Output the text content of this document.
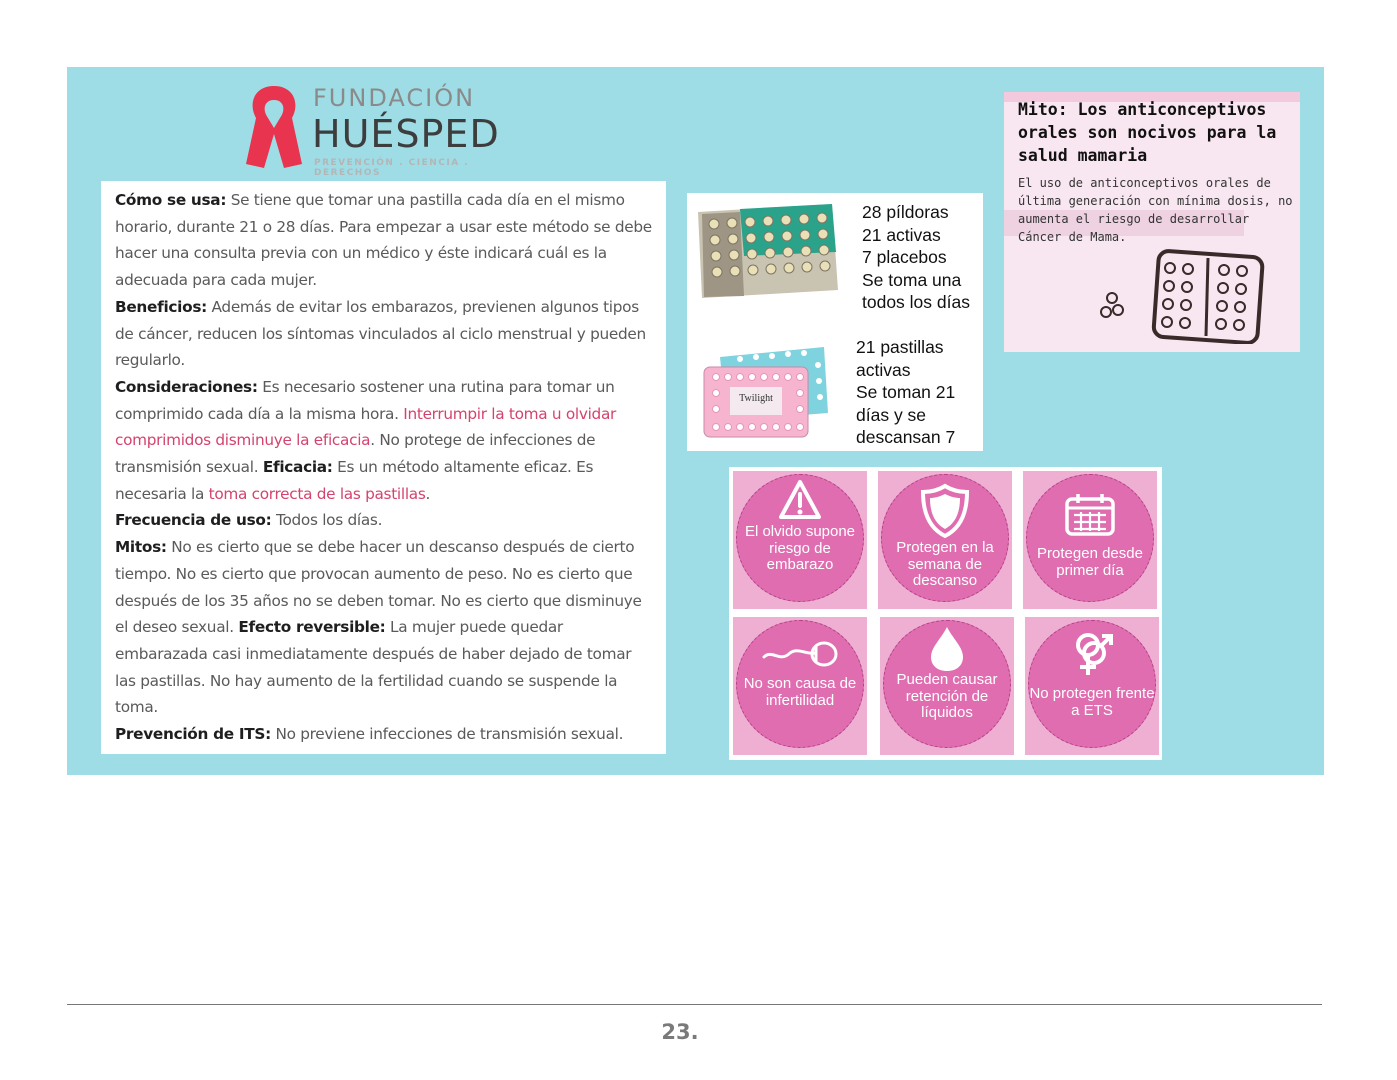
FUNDACIÓN
HUÉSPED
PREVENCIÓN . CIENCIA . DERECHOS

Cómo se usa: Se tiene que tomar una pastilla cada día en el mismo horario, durante 21 o 28 días. Para empezar a usar este método se debe hacer una consulta previa con un médico y éste indicará cuál es la adecuada para cada mujer.
Beneficios: Además de evitar los embarazos, previenen algunos tipos de cáncer, reducen los síntomas vinculados al ciclo menstrual y pueden regularlo.
Consideraciones: Es necesario sostener una rutina para tomar un comprimido cada día a la misma hora. Interrumpir la toma u olvidar comprimidos disminuye la eficacia. No protege de infecciones de transmisión sexual. Eficacia: Es un método altamente eficaz. Es necesaria la toma correcta de las pastillas.
Frecuencia de uso: Todos los días.
Mitos: No es cierto que se debe hacer un descanso después de cierto tiempo. No es cierto que provocan aumento de peso. No es cierto que después de los 35 años no se deben tomar. No es cierto que disminuye el deseo sexual. Efecto reversible: La mujer puede quedar embarazada casi inmediatamente después de haber dejado de tomar las pastillas. No hay aumento de la fertilidad cuando se suspende la toma.
Prevención de ITS: No previene infecciones de transmisión sexual.

28 píldoras
21 activas
7 placebos
Se toma una
todos los días
Twilight
21 pastillas
activas
Se toman 21
días y se
descansan 7
Mito: Los anticonceptivos orales son nocivos para la salud mamaria
El uso de anticonceptivos orales de última generación con mínima dosis, no aumenta el riesgo de desarrollar Cáncer de Mama.
El olvido supone riesgo de embarazo
Protegen en la semana de descanso
Protegen desde primer día
No son causa de infertilidad
Pueden causar retención de líquidos
No protegen frente a ETS
23.
